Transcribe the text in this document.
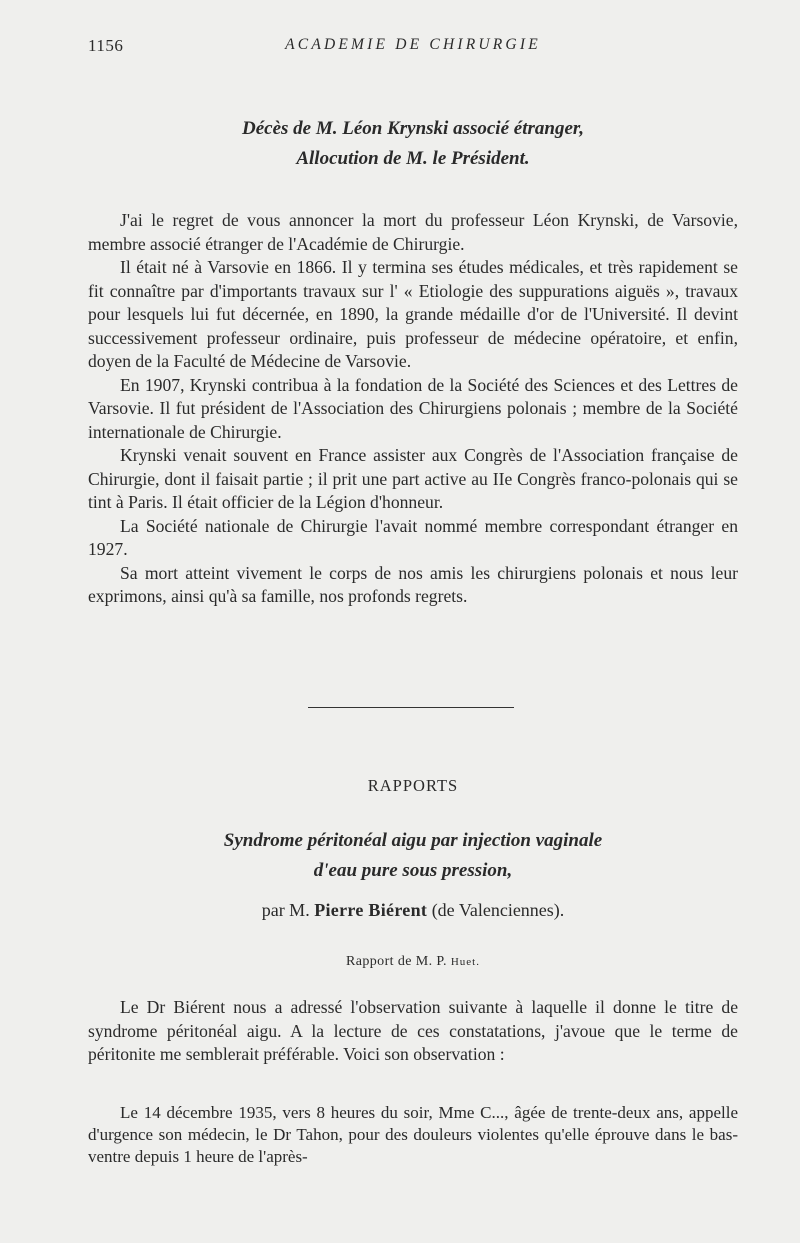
1156	ACADEMIE DE CHIRURGIE
Décès de M. Léon Krynski associé étranger,
Allocution de M. le Président.

J'ai le regret de vous annoncer la mort du professeur Léon Krynski, de Varsovie, membre associé étranger de l'Académie de Chirurgie.

Il était né à Varsovie en 1866. Il y termina ses études médicales, et très rapidement se fit connaître par d'importants travaux sur l' « Etiologie des suppurations aiguës », travaux pour lesquels lui fut décernée, en 1890, la grande médaille d'or de l'Université. Il devint successivement professeur ordinaire, puis professeur de médecine opératoire, et enfin, doyen de la Faculté de Médecine de Varsovie.

En 1907, Krynski contribua à la fondation de la Société des Sciences et des Lettres de Varsovie. Il fut président de l'Association des Chirurgiens polonais ; membre de la Société internationale de Chirurgie.

Krynski venait souvent en France assister aux Congrès de l'Association française de Chirurgie, dont il faisait partie ; il prit une part active au IIe Congrès franco-polonais qui se tint à Paris. Il était officier de la Légion d'honneur.

La Société nationale de Chirurgie l'avait nommé membre correspondant étranger en 1927.

Sa mort atteint vivement le corps de nos amis les chirurgiens polonais et nous leur exprimons, ainsi qu'à sa famille, nos profonds regrets.

RAPPORTS
Syndrome péritonéal aigu par injection vaginale
d'eau pure sous pression,
par M. Pierre Biérent (de Valenciennes).
Rapport de M. P. Huet.

Le Dr Biérent nous a adressé l'observation suivante à laquelle il donne le titre de syndrome péritonéal aigu. A la lecture de ces constatations, j'avoue que le terme de péritonite me semblerait préférable. Voici son observation :

Le 14 décembre 1935, vers 8 heures du soir, Mme C..., âgée de trente-deux ans, appelle d'urgence son médecin, le Dr Tahon, pour des douleurs violentes qu'elle éprouve dans le bas-ventre depuis 1 heure de l'après-
